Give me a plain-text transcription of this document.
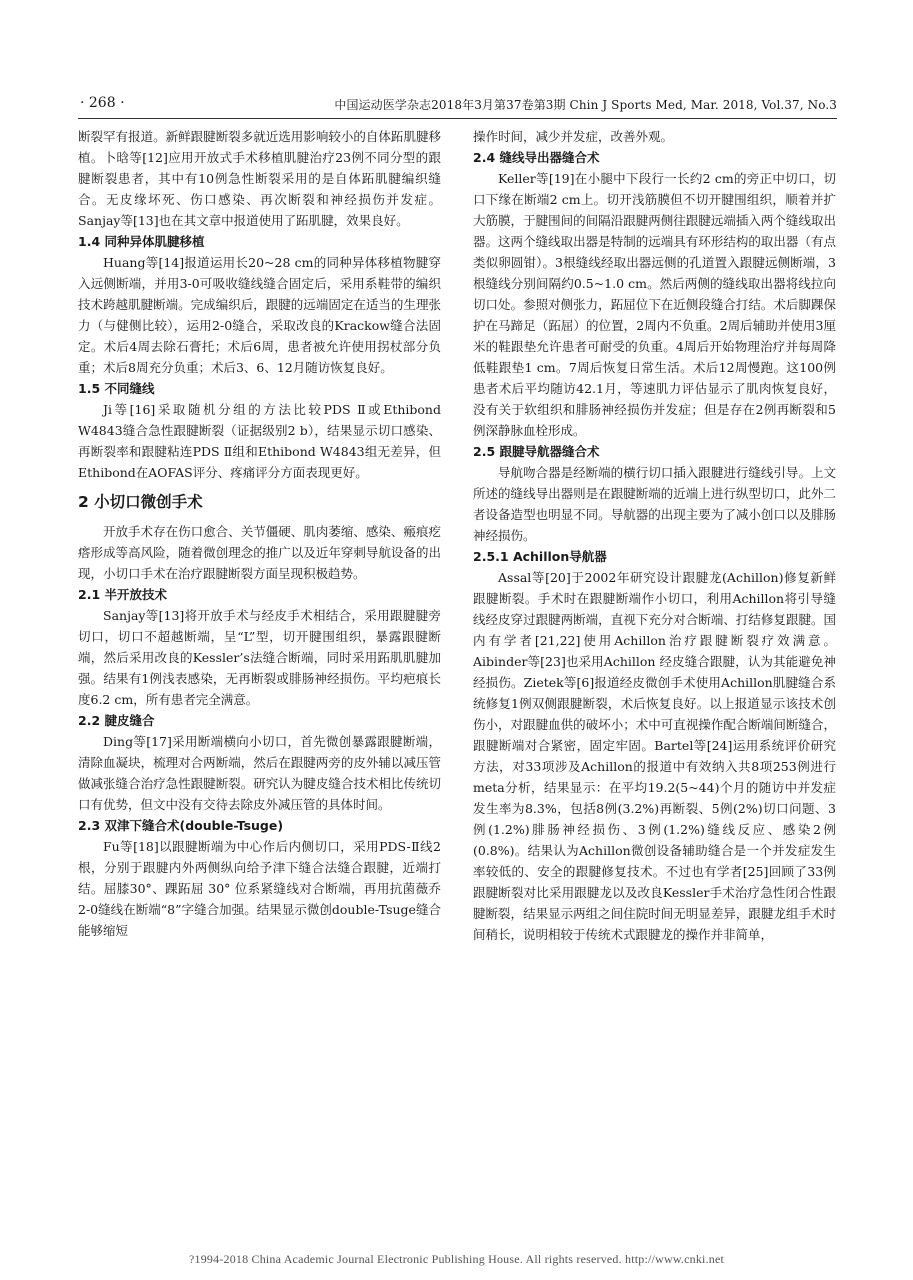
· 268 ·	中国运动医学杂志2018年3月第37卷第3期 Chin J Sports Med, Mar. 2018, Vol.37, No.3

断裂罕有报道。新鲜跟腱断裂多就近选用影响较小的自体跖肌腱移植。卜晗等[12]应用开放式手术移植肌腱治疗23例不同分型的跟腱断裂患者，其中有10例急性断裂采用的是自体跖肌腱编织缝合。无皮缘坏死、伤口感染、再次断裂和神经损伤并发症。Sanjay等[13]也在其文章中报道使用了跖肌腱，效果良好。

1.4 同种异体肌腱移植

Huang等[14]报道运用长20~28 cm的同种异体移植物腱穿入远侧断端，并用3-0可吸收缝线缝合固定后，采用系鞋带的编织技术跨越肌腱断端。完成编织后，跟腱的远端固定在适当的生理张力（与健侧比较），运用2-0缝合，采取改良的Krackow缝合法固定。术后4周去除石膏托；术后6周，患者被允许使用拐杖部分负重；术后8周充分负重；术后3、6、12月随访恢复良好。

1.5 不同缝线

Ji等[16]采取随机分组的方法比较PDS Ⅱ或Ethibond W4843缝合急性跟腱断裂（证据级别2 b），结果显示切口感染、再断裂率和跟腱粘连PDS Ⅱ组和Ethibond W4843组无差异，但Ethibond在AOFAS评分、疼痛评分方面表现更好。

2 小切口微创手术

开放手术存在伤口愈合、关节僵硬、肌肉萎缩、感染、瘢痕疙瘩形成等高风险，随着微创理念的推广以及近年穿刺导航设备的出现，小切口手术在治疗跟腱断裂方面呈现积极趋势。

2.1 半开放技术

Sanjay等[13]将开放手术与经皮手术相结合，采用跟腱腱旁切口，切口不超越断端，呈“L”型，切开腱围组织，暴露跟腱断端，然后采用改良的Kessler’s法缝合断端，同时采用跖肌肌腱加强。结果有1例浅表感染，无再断裂或腓肠神经损伤。平均疤痕长度6.2 cm，所有患者完全满意。

2.2 腱皮缝合

Ding等[17]采用断端横向小切口，首先微创暴露跟腱断端，清除血凝块，梳理对合两断端，然后在跟腱两旁的皮外辅以减压管做减张缝合治疗急性跟腱断裂。研究认为腱皮缝合技术相比传统切口有优势，但文中没有交待去除皮外减压管的具体时间。

2.3 双津下缝合术(double-Tsuge)

Fu等[18]以跟腱断端为中心作后内侧切口，采用PDS-Ⅱ线2根，分别于跟腱内外两侧纵向给予津下缝合法缝合跟腱，近端打结。屈膝30°、踝跖屈 30° 位系紧缝线对合断端，再用抗菌薇乔2-0缝线在断端“8”字缝合加强。结果显示微创double-Tsuge缝合能够缩短

操作时间，减少并发症，改善外观。

2.4 缝线导出器缝合术

Keller等[19]在小腿中下段行一长约2 cm的旁正中切口，切口下缘在断端2 cm上。切开浅筋膜但不切开腱围组织，顺着并扩大筋膜，于腱围间的间隔沿跟腱两侧往跟腱远端插入两个缝线取出器。这两个缝线取出器是特制的远端具有环形结构的取出器（有点类似卵圆钳）。3根缝线经取出器远侧的孔道置入跟腱远侧断端，3根缝线分别间隔约0.5~1.0 cm。然后两侧的缝线取出器将线拉向切口处。参照对侧张力，跖屈位下在近侧段缝合打结。术后脚踝保护在马蹄足（跖屈）的位置，2周内不负重。2周后辅助并使用3厘米的鞋跟垫允许患者可耐受的负重。4周后开始物理治疗并每周降低鞋跟垫1 cm。7周后恢复日常生活。术后12周慢跑。这100例患者术后平均随访42.1月，等速肌力评估显示了肌肉恢复良好，没有关于软组织和腓肠神经损伤并发症；但是存在2例再断裂和5例深静脉血栓形成。

2.5 跟腱导航器缝合术

导航吻合器是经断端的横行切口插入跟腱进行缝线引导。上文所述的缝线导出器则是在跟腱断端的近端上进行纵型切口，此外二者设备造型也明显不同。导航器的出现主要为了减小创口以及腓肠神经损伤。

2.5.1 Achillon导航器

Assal等[20]于2002年研究设计跟腱龙(Achillon)修复新鲜跟腱断裂。手术时在跟腱断端作小切口，利用Achillon将引导缝线经皮穿过跟腱两断端，直视下充分对合断端、打结修复跟腱。国内有学者[21,22]使用Achillon治疗跟腱断裂疗效满意。Aibinder等[23]也采用Achillon 经皮缝合跟腱，认为其能避免神经损伤。Zietek等[6]报道经皮微创手术使用Achillon肌腱缝合系统修复1例双侧跟腱断裂，术后恢复良好。以上报道显示该技术创伤小，对跟腱血供的破坏小；术中可直视操作配合断端间断缝合，跟腱断端对合紧密，固定牢固。Bartel等[24]运用系统评价研究方法，对33项涉及Achillon的报道中有效纳入共8项253例进行meta分析，结果显示：在平均19.2(5~44)个月的随访中并发症发生率为8.3%，包括8例(3.2%)再断裂、5例(2%)切口问题、3例(1.2%)腓肠神经损伤、3例(1.2%)缝线反应、感染2例(0.8%)。结果认为Achillon微创设备辅助缝合是一个并发症发生率较低的、安全的跟腱修复技术。不过也有学者[25]回顾了33例跟腱断裂对比采用跟腱龙以及改良Kessler手术治疗急性闭合性跟腱断裂，结果显示两组之间住院时间无明显差异，跟腱龙组手术时间稍长，说明相较于传统术式跟腱龙的操作并非简单，

?1994-2018 China Academic Journal Electronic Publishing House. All rights reserved. http://www.cnki.net
